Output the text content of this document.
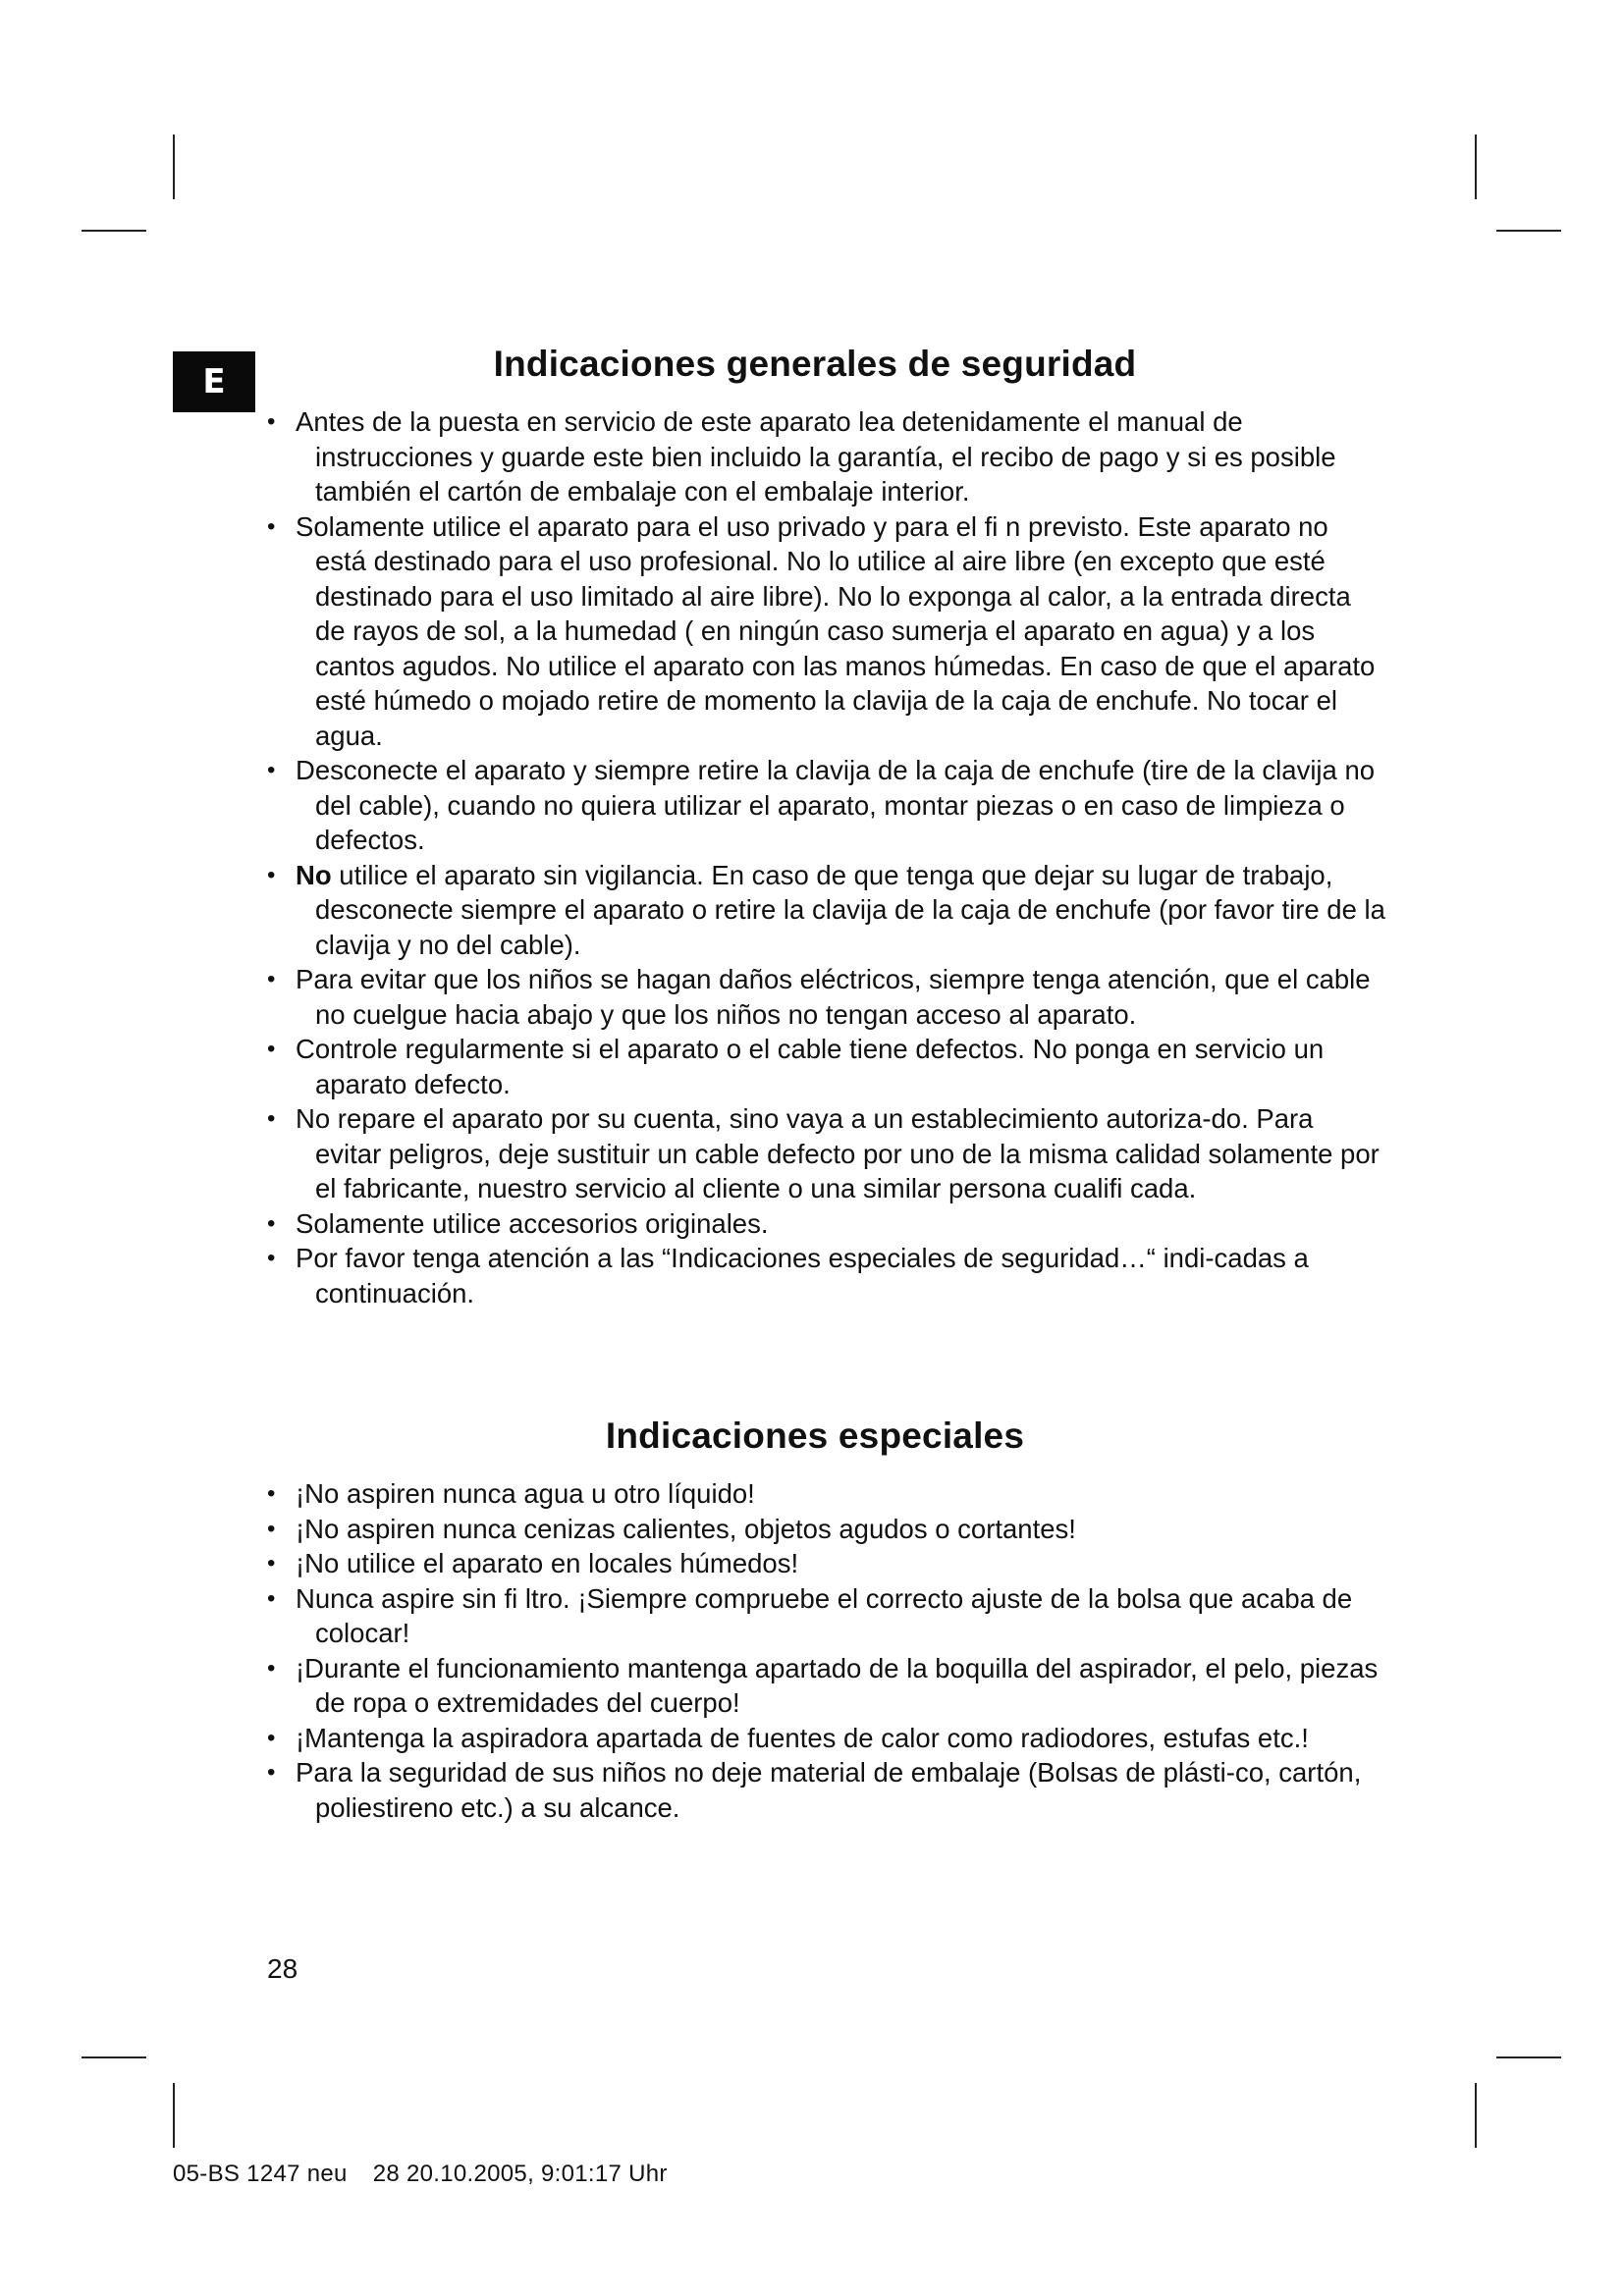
E	Indicaciones generales de seguridad
• Antes de la puesta en servicio de este aparato lea detenidamente el manual de instrucciones y guarde este bien incluido la garantía, el recibo de pago y si es posible también el cartón de embalaje con el embalaje interior.
• Solamente utilice el aparato para el uso privado y para el fi n previsto. Este aparato no está destinado para el uso profesional. No lo utilice al aire libre (en excepto que esté destinado para el uso limitado al aire libre). No lo exponga al calor, a la entrada directa de rayos de sol, a la humedad ( en ningún caso sumerja el aparato en agua) y a los cantos agudos. No utilice el aparato con las manos húmedas. En caso de que el aparato esté húmedo o mojado retire de momento la clavija de la caja de enchufe. No tocar el agua.
• Desconecte el aparato y siempre retire la clavija de la caja de enchufe (tire de la clavija no del cable), cuando no quiera utilizar el aparato, montar piezas o en caso de limpieza o defectos.
• No utilice el aparato sin vigilancia. En caso de que tenga que dejar su lugar de trabajo, desconecte siempre el aparato o retire la clavija de la caja de enchufe (por favor tire de la clavija y no del cable).
• Para evitar que los niños se hagan daños eléctricos, siempre tenga atención, que el cable no cuelgue hacia abajo y que los niños no tengan acceso al aparato.
• Controle regularmente si el aparato o el cable tiene defectos. No ponga en servicio un aparato defecto.
• No repare el aparato por su cuenta, sino vaya a un establecimiento autoriza-do. Para evitar peligros, deje sustituir un cable defecto por uno de la misma calidad solamente por el fabricante, nuestro servicio al cliente o una similar persona cualifi cada.
• Solamente utilice accesorios originales.
• Por favor tenga atención a las “Indicaciones especiales de seguridad…“ indi-cadas a continuación.
Indicaciones especiales
• ¡No aspiren nunca agua u otro líquido!
• ¡No aspiren nunca cenizas calientes, objetos agudos o cortantes!
• ¡No utilice el aparato en locales húmedos!
• Nunca aspire sin fi ltro. ¡Siempre compruebe el correcto ajuste de la bolsa que acaba de colocar!
• ¡Durante el funcionamiento mantenga apartado de la boquilla del aspirador, el pelo, piezas de ropa o extremidades del cuerpo!
• ¡Mantenga la aspiradora apartada de fuentes de calor como radiodores, estufas etc.!
• Para la seguridad de sus niños no deje material de embalaje (Bolsas de plásti-co, cartón, poliestireno etc.) a su alcance.
28
05-BS 1247 neu 28 20.10.2005, 9:01:17 Uhr
